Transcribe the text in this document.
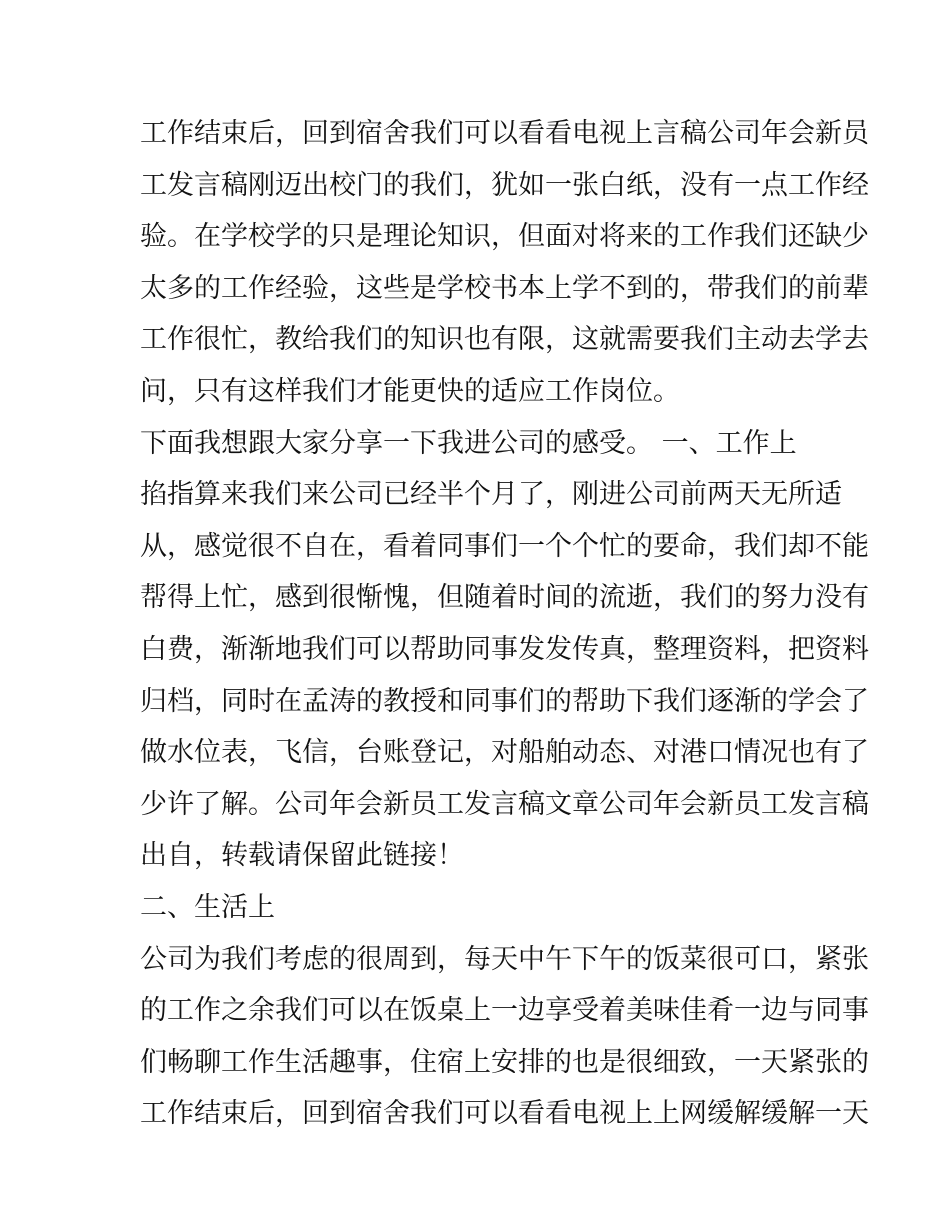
工作结束后，回到宿舍我们可以看看电视上言稿公司年会新员
工发言稿刚迈出校门的我们，犹如一张白纸，没有一点工作经
验。在学校学的只是理论知识，但面对将来的工作我们还缺少
太多的工作经验，这些是学校书本上学不到的，带我们的前辈
工作很忙，教给我们的知识也有限，这就需要我们主动去学去
问，只有这样我们才能更快的适应工作岗位。
下面我想跟大家分享一下我进公司的感受。 一、工作上
掐指算来我们来公司已经半个月了，刚进公司前两天无所适
从，感觉很不自在，看着同事们一个个忙的要命，我们却不能
帮得上忙，感到很惭愧，但随着时间的流逝，我们的努力没有
白费，渐渐地我们可以帮助同事发发传真，整理资料，把资料
归档，同时在孟涛的教授和同事们的帮助下我们逐渐的学会了
做水位表，飞信，台账登记，对船舶动态、对港口情况也有了
少许了解。公司年会新员工发言稿文章公司年会新员工发言稿
出自，转载请保留此链接！
二、生活上
公司为我们考虑的很周到，每天中午下午的饭菜很可口，紧张
的工作之余我们可以在饭桌上一边享受着美味佳肴一边与同事
们畅聊工作生活趣事，住宿上安排的也是很细致，一天紧张的
工作结束后，回到宿舍我们可以看看电视上上网缓解缓解一天
